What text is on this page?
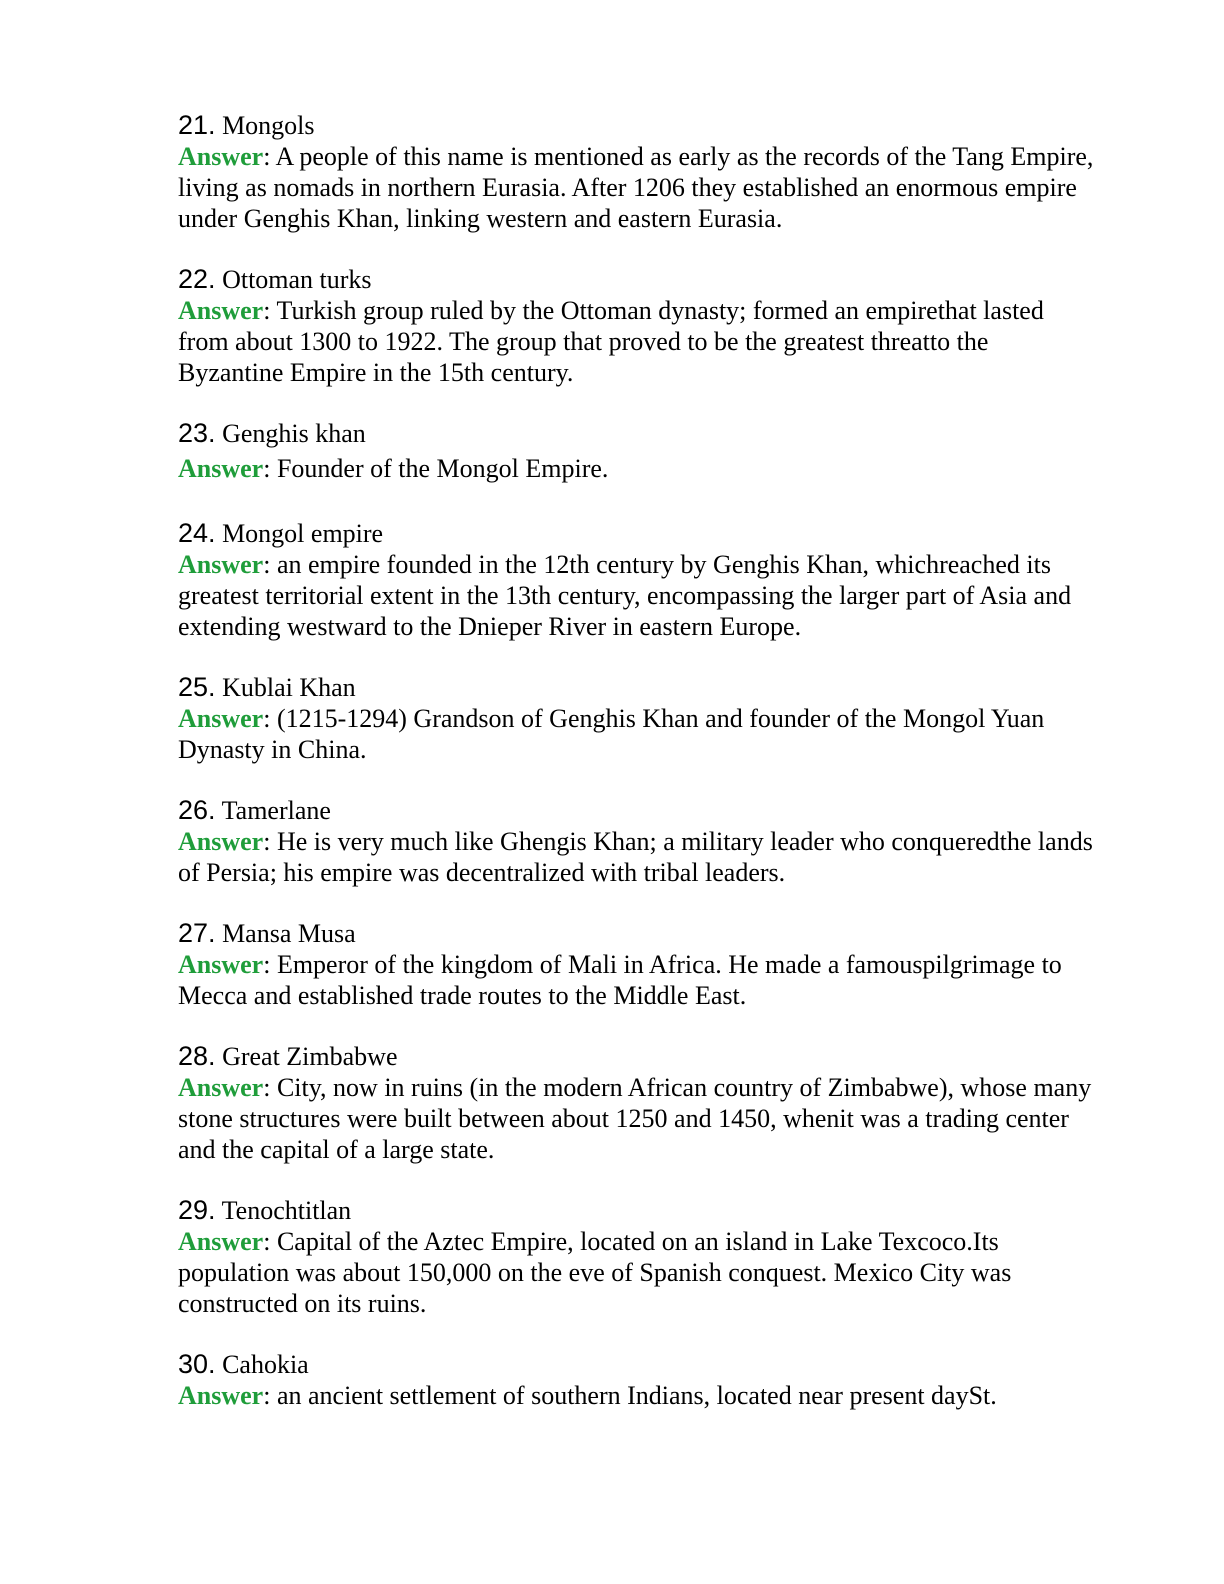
21. Mongols
Answer: A people of this name is mentioned as early as the records of the Tang Empire, living as nomads in northern Eurasia. After 1206 they established an enormous empire under Genghis Khan, linking western and eastern Eurasia.
22. Ottoman turks
Answer: Turkish group ruled by the Ottoman dynasty; formed an empirethat lasted from about 1300 to 1922. The group that proved to be the greatest threatto the Byzantine Empire in the 15th century.
23. Genghis khan
Answer: Founder of the Mongol Empire.
24. Mongol empire
Answer: an empire founded in the 12th century by Genghis Khan, whichreached its greatest territorial extent in the 13th century, encompassing the larger part of Asia and extending westward to the Dnieper River in eastern Europe.
25. Kublai Khan
Answer: (1215-1294) Grandson of Genghis Khan and founder of the Mongol Yuan Dynasty in China.
26. Tamerlane
Answer: He is very much like Ghengis Khan; a military leader who conqueredthe lands of Persia; his empire was decentralized with tribal leaders.
27. Mansa Musa
Answer: Emperor of the kingdom of Mali in Africa. He made a famouspilgrimage to Mecca and established trade routes to the Middle East.
28. Great Zimbabwe
Answer: City, now in ruins (in the modern African country of Zimbabwe), whose many stone structures were built between about 1250 and 1450, whenit was a trading center and the capital of a large state.
29. Tenochtitlan
Answer: Capital of the Aztec Empire, located on an island in Lake Texcoco.Its population was about 150,000 on the eve of Spanish conquest. Mexico City was constructed on its ruins.
30. Cahokia
Answer: an ancient settlement of southern Indians, located near present daySt.
